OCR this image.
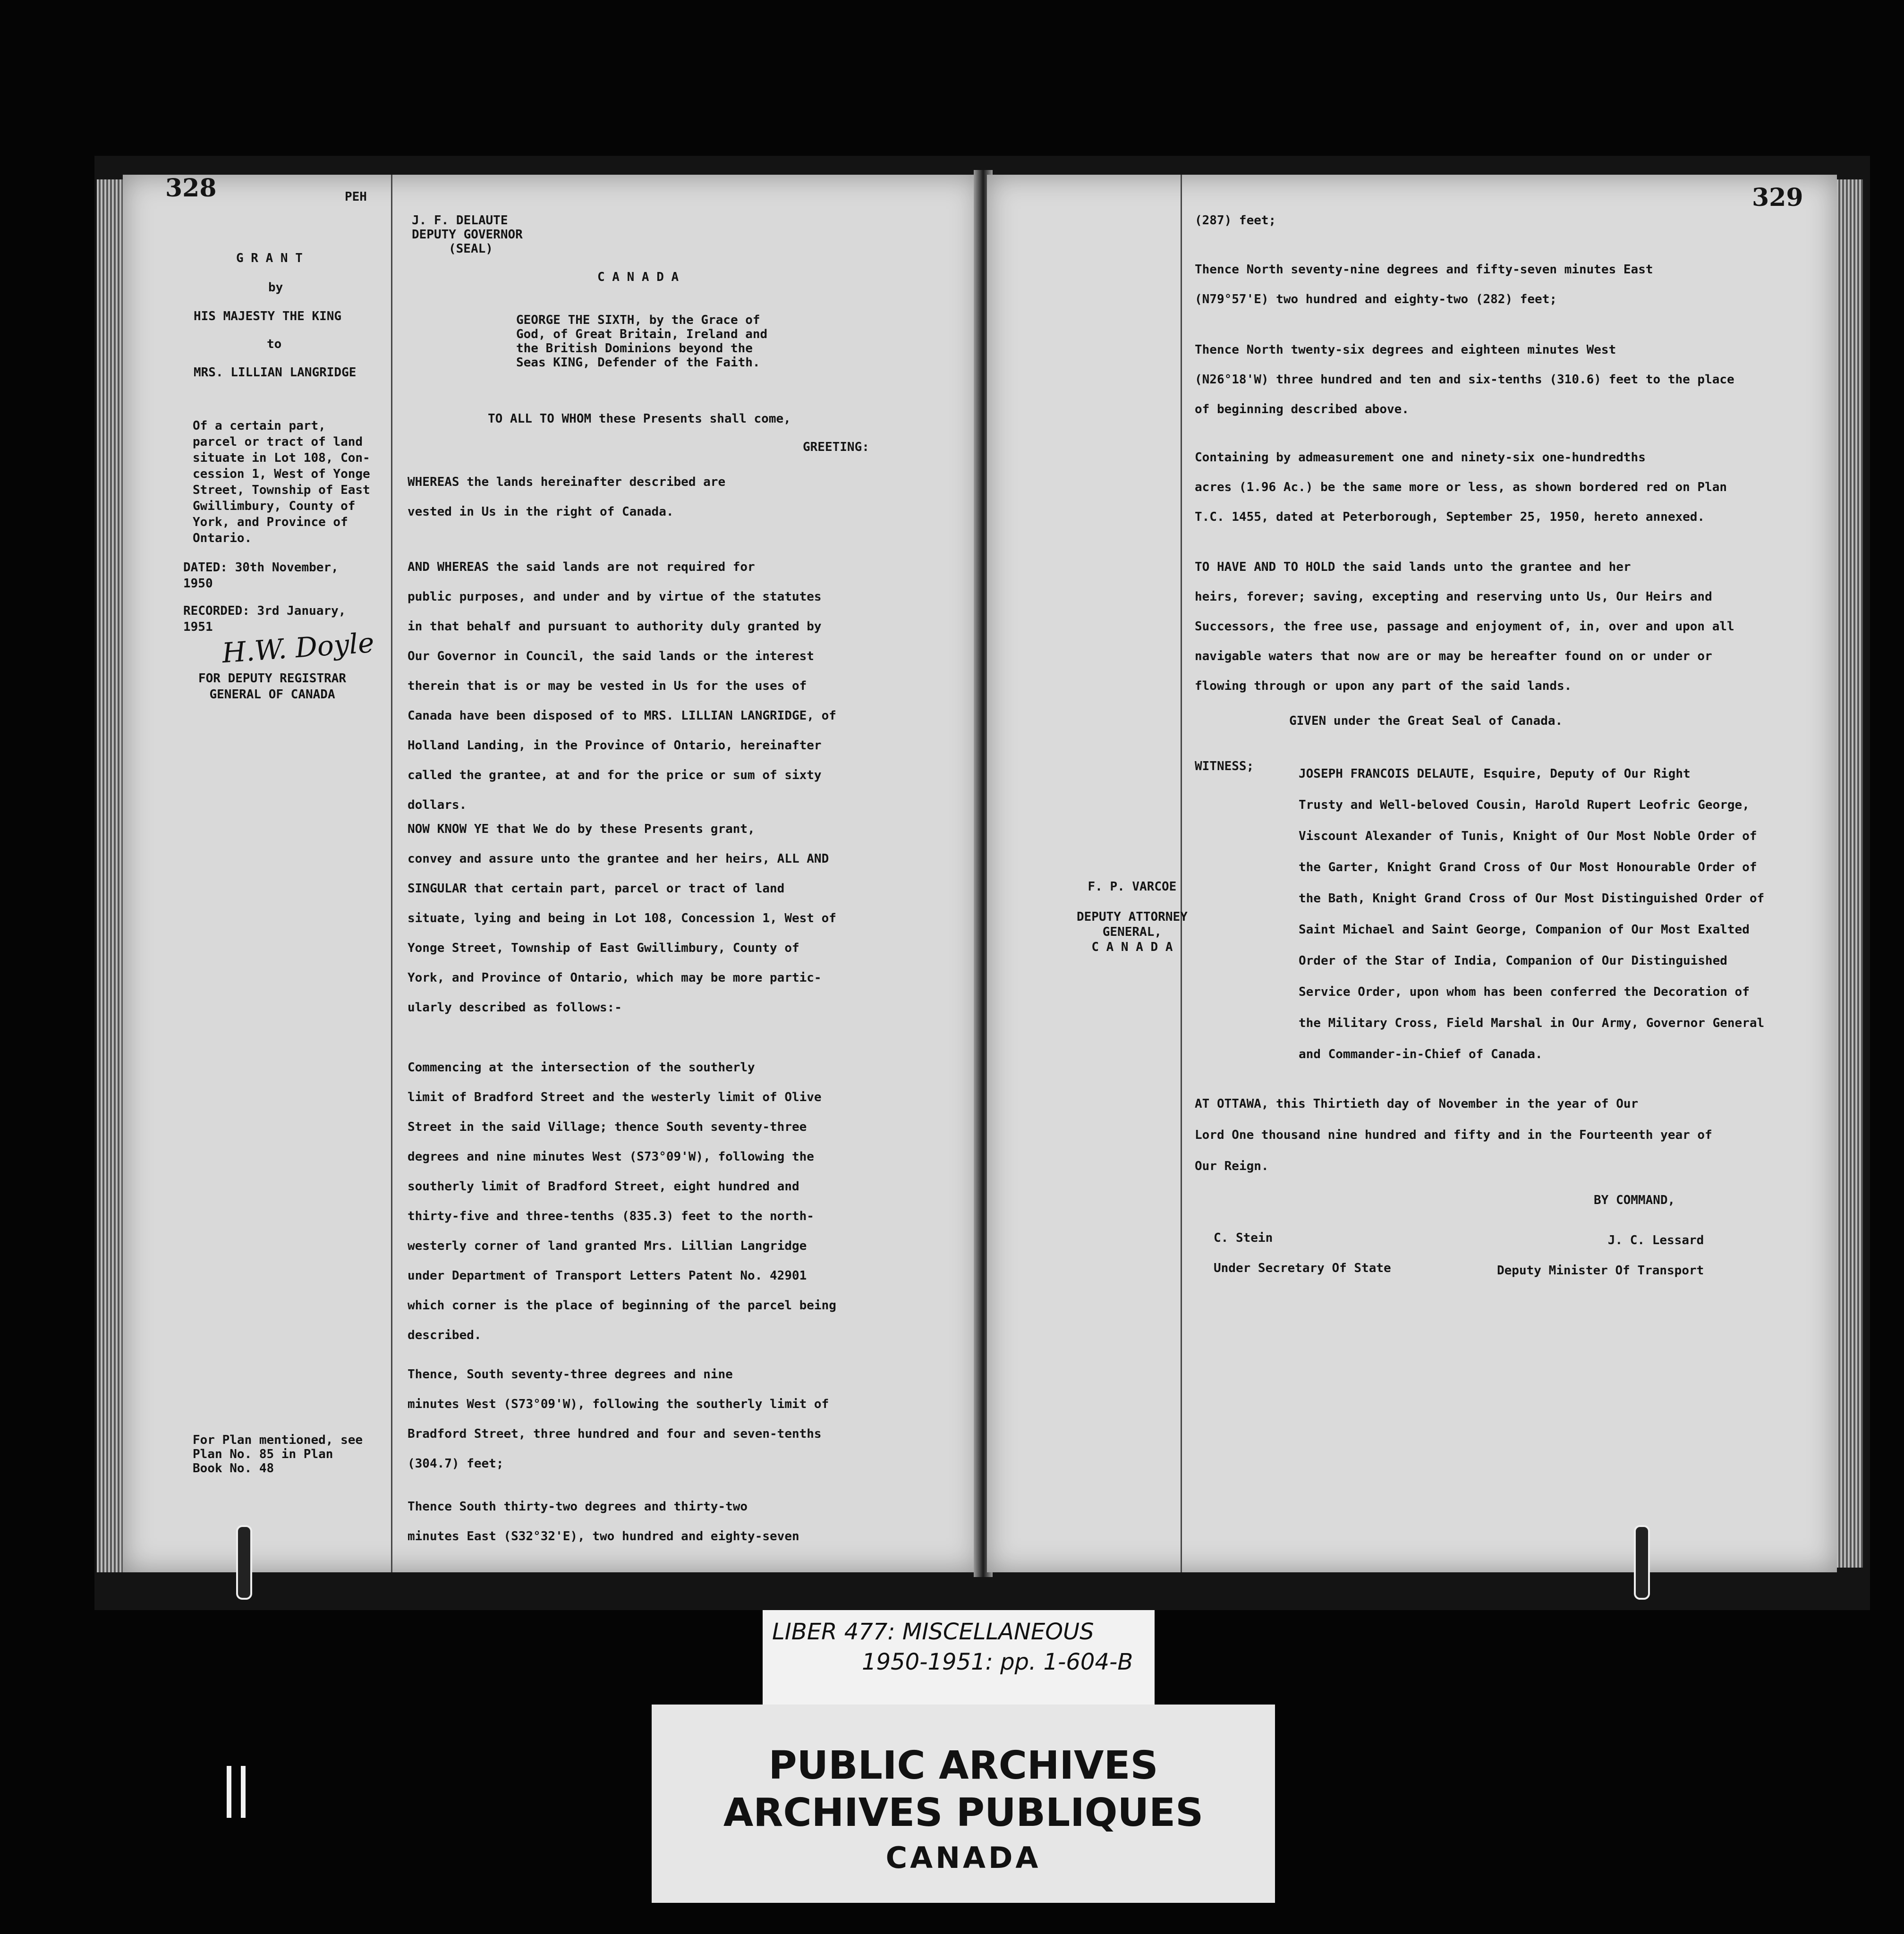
328	PEH
J. F. DELAUTE
DEPUTY GOVERNOR
(SEAL)
G R A N T
by
HIS MAJESTY THE KING
to
MRS. LILLIAN LANGRIDGE
Of a certain part,
parcel or tract of land
situate in Lot 108, Con-
cession 1, West of Yonge
Street, Township of East
Gwillimbury, County of
York, and Province of
Ontario.
DATED: 30th November,
1950
RECORDED: 3rd January,
1951 H.W. Doyle
FOR DEPUTY REGISTRAR
GENERAL OF CANADA
For Plan mentioned, see
Plan No. 85 in Plan
Book No. 48
C A N A D A
GEORGE THE SIXTH, by the Grace of
God, of Great Britain, Ireland and
the British Dominions beyond the
Seas KING, Defender of the Faith.
TO ALL TO WHOM these Presents shall come,
GREETING:
WHEREAS the lands hereinafter described are
vested in Us in the right of Canada.
AND WHEREAS the said lands are not required for
public purposes, and under and by virtue of the statutes
in that behalf and pursuant to authority duly granted by
Our Governor in Council, the said lands or the interest
therein that is or may be vested in Us for the uses of
Canada have been disposed of to MRS. LILLIAN LANGRIDGE, of
Holland Landing, in the Province of Ontario, hereinafter
called the grantee, at and for the price or sum of sixty
dollars.
NOW KNOW YE that We do by these Presents grant,
convey and assure unto the grantee and her heirs, ALL AND
SINGULAR that certain part, parcel or tract of land
situate, lying and being in Lot 108, Concession 1, West of
Yonge Street, Township of East Gwillimbury, County of
York, and Province of Ontario, which may be more partic-
ularly described as follows:-
Commencing at the intersection of the southerly
limit of Bradford Street and the westerly limit of Olive
Street in the said Village; thence South seventy-three
degrees and nine minutes West (S73°09'W), following the
southerly limit of Bradford Street, eight hundred and
thirty-five and three-tenths (835.3) feet to the north-
westerly corner of land granted Mrs. Lillian Langridge
under Department of Transport Letters Patent No. 42901
which corner is the place of beginning of the parcel being
described.
Thence, South seventy-three degrees and nine
minutes West (S73°09'W), following the southerly limit of
Bradford Street, three hundred and four and seven-tenths
(304.7) feet;
Thence South thirty-two degrees and thirty-two
minutes East (S32°32'E), two hundred and eighty-seven
329
(287) feet;
Thence North seventy-nine degrees and fifty-seven minutes East
(N79°57'E) two hundred and eighty-two (282) feet;
Thence North twenty-six degrees and eighteen minutes West
(N26°18'W) three hundred and ten and six-tenths (310.6) feet to the place
of beginning described above.
Containing by admeasurement one and ninety-six one-hundredths
acres (1.96 Ac.) be the same more or less, as shown bordered red on Plan
T.C. 1455, dated at Peterborough, September 25, 1950, hereto annexed.
TO HAVE AND TO HOLD the said lands unto the grantee and her
heirs, forever; saving, excepting and reserving unto Us, Our Heirs and
Successors, the free use, passage and enjoyment of, in, over and upon all
navigable waters that now are or may be hereafter found on or under or
flowing through or upon any part of the said lands.
GIVEN under the Great Seal of Canada.
WITNESS;
JOSEPH FRANCOIS DELAUTE, Esquire, Deputy of Our Right
Trusty and Well-beloved Cousin, Harold Rupert Leofric George,
Viscount Alexander of Tunis, Knight of Our Most Noble Order of
the Garter, Knight Grand Cross of Our Most Honourable Order of
the Bath, Knight Grand Cross of Our Most Distinguished Order of
Saint Michael and Saint George, Companion of Our Most Exalted
Order of the Star of India, Companion of Our Distinguished
Service Order, upon whom has been conferred the Decoration of
the Military Cross, Field Marshal in Our Army, Governor General
and Commander-in-Chief of Canada.
F. P. VARCOE

DEPUTY ATTORNEY
GENERAL,
C A N A D A
AT OTTAWA, this Thirtieth day of November in the year of Our
Lord One thousand nine hundred and fifty and in the Fourteenth year of
Our Reign.
BY COMMAND,
C. Stein
Under Secretary Of State
J. C. Lessard
Deputy Minister Of Transport
LIBER 477: MISCELLANEOUS
1950-1951: pp. 1-604-B
PUBLIC ARCHIVES
ARCHIVES PUBLIQUES
CANADA
